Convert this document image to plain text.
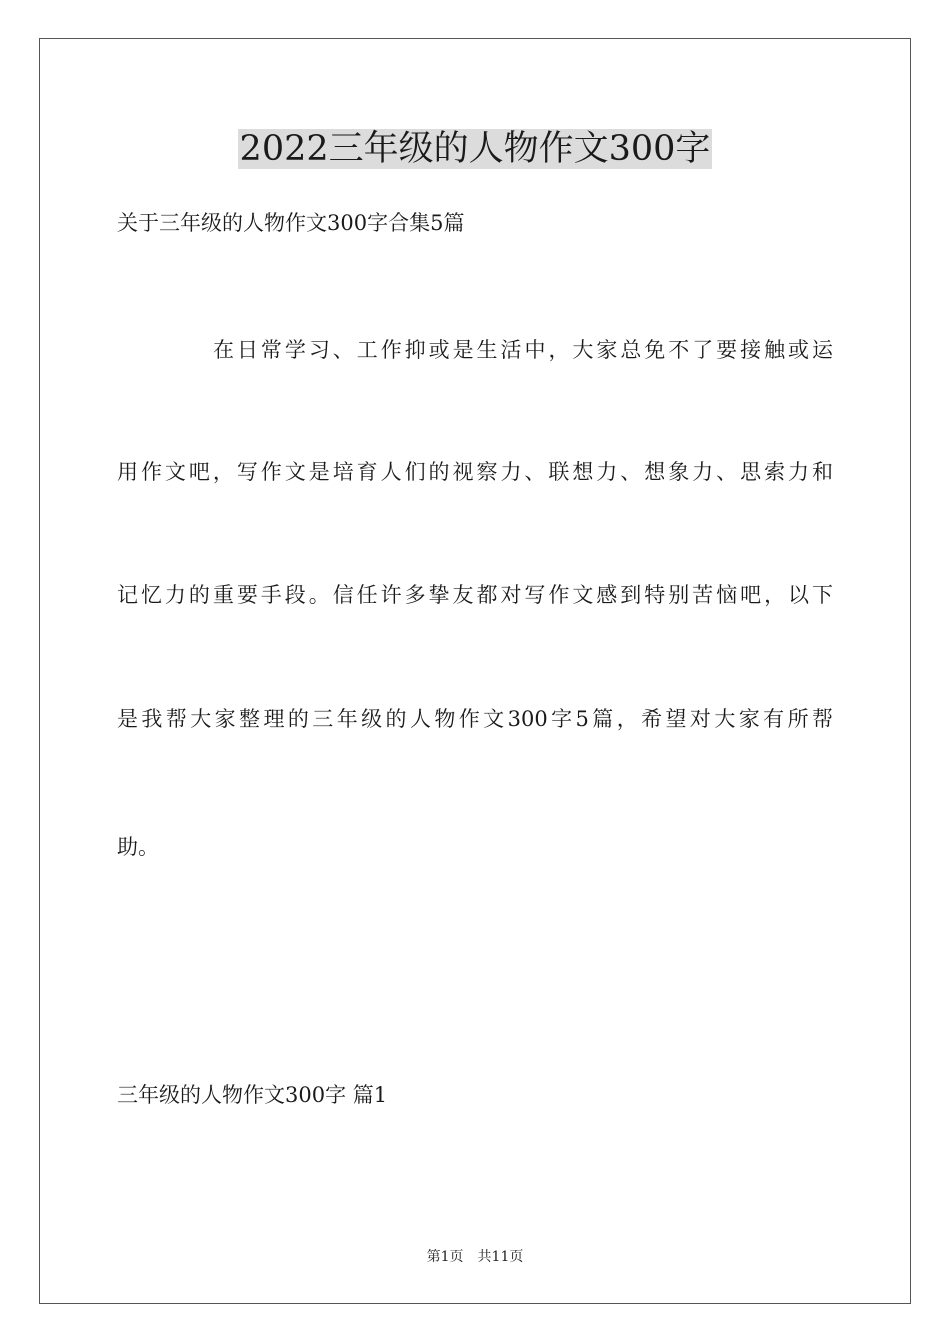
2022三年级的人物作文300字
关于三年级的人物作文300字合集5篇
在日常学习、工作抑或是生活中，大家总免不了要接触或运
用作文吧，写作文是培育人们的视察力、联想力、想象力、思索力和
记忆力的重要手段。信任许多挚友都对写作文感到特别苦恼吧，以下
是我帮大家整理的三年级的人物作文300字5篇，希望对大家有所帮
助。
三年级的人物作文300字 篇1
第1页 共11页
